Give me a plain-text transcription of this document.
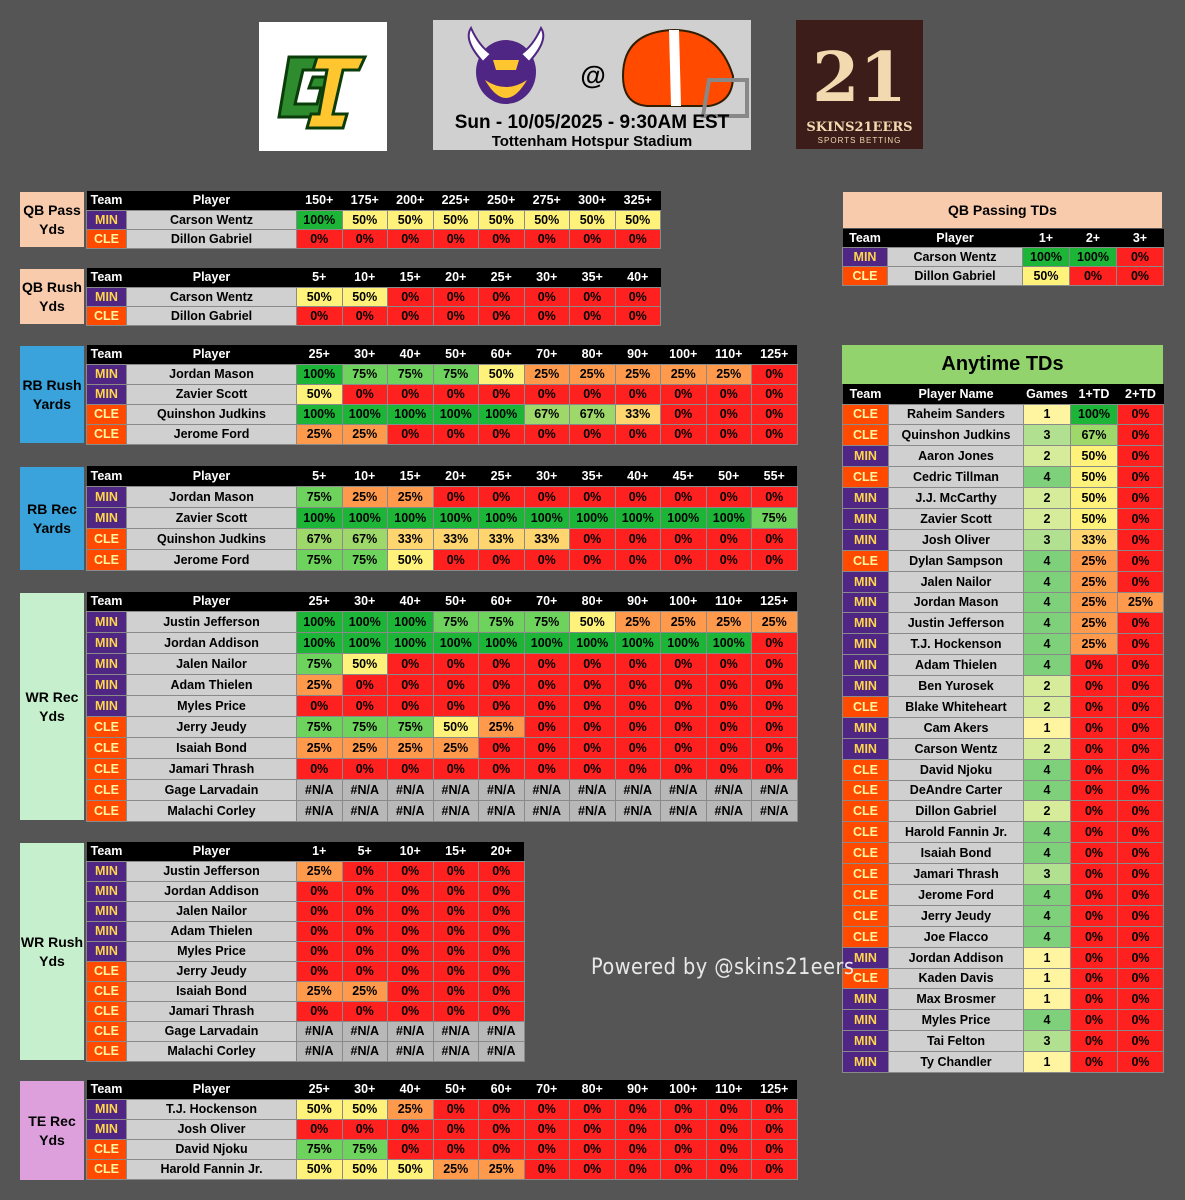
@
Sun - 10/05/2025 - 9:30AM EST
Tottenham Hotspur Stadium
21
SKINS21EERS
SPORTS BETTING
QB Pass
Yds
Team	Player	150+	175+	200+	225+	250+	275+	300+	325+
MIN	Carson Wentz	100%	50%	50%	50%	50%	50%	50%	50%
CLE	Dillon Gabriel	0%	0%	0%	0%	0%	0%	0%	0%
QB Rush
Yds
Team	Player	5+	10+	15+	20+	25+	30+	35+	40+
MIN	Carson Wentz	50%	50%	0%	0%	0%	0%	0%	0%
CLE	Dillon Gabriel	0%	0%	0%	0%	0%	0%	0%	0%
RB Rush
Yards
Team	Player	25+	30+	40+	50+	60+	70+	80+	90+	100+	110+	125+
MIN	Jordan Mason	100%	75%	75%	75%	50%	25%	25%	25%	25%	25%	0%
MIN	Zavier Scott	50%	0%	0%	0%	0%	0%	0%	0%	0%	0%	0%
CLE	Quinshon Judkins	100%	100%	100%	100%	100%	67%	67%	33%	0%	0%	0%
CLE	Jerome Ford	25%	25%	0%	0%	0%	0%	0%	0%	0%	0%	0%
RB Rec
Yards
Team	Player	5+	10+	15+	20+	25+	30+	35+	40+	45+	50+	55+
MIN	Jordan Mason	75%	25%	25%	0%	0%	0%	0%	0%	0%	0%	0%
MIN	Zavier Scott	100%	100%	100%	100%	100%	100%	100%	100%	100%	100%	75%
CLE	Quinshon Judkins	67%	67%	33%	33%	33%	33%	0%	0%	0%	0%	0%
CLE	Jerome Ford	75%	75%	50%	0%	0%	0%	0%	0%	0%	0%	0%
WR Rec
Yds
Team	Player	25+	30+	40+	50+	60+	70+	80+	90+	100+	110+	125+
MIN	Justin Jefferson	100%	100%	100%	75%	75%	75%	50%	25%	25%	25%	25%
MIN	Jordan Addison	100%	100%	100%	100%	100%	100%	100%	100%	100%	100%	0%
MIN	Jalen Nailor	75%	50%	0%	0%	0%	0%	0%	0%	0%	0%	0%
MIN	Adam Thielen	25%	0%	0%	0%	0%	0%	0%	0%	0%	0%	0%
MIN	Myles Price	0%	0%	0%	0%	0%	0%	0%	0%	0%	0%	0%
CLE	Jerry Jeudy	75%	75%	75%	50%	25%	0%	0%	0%	0%	0%	0%
CLE	Isaiah Bond	25%	25%	25%	25%	0%	0%	0%	0%	0%	0%	0%
CLE	Jamari Thrash	0%	0%	0%	0%	0%	0%	0%	0%	0%	0%	0%
CLE	Gage Larvadain	#N/A	#N/A	#N/A	#N/A	#N/A	#N/A	#N/A	#N/A	#N/A	#N/A	#N/A
CLE	Malachi Corley	#N/A	#N/A	#N/A	#N/A	#N/A	#N/A	#N/A	#N/A	#N/A	#N/A	#N/A
WR Rush
Yds
Team	Player	1+	5+	10+	15+	20+
MIN	Justin Jefferson	25%	0%	0%	0%	0%
MIN	Jordan Addison	0%	0%	0%	0%	0%
MIN	Jalen Nailor	0%	0%	0%	0%	0%
MIN	Adam Thielen	0%	0%	0%	0%	0%
MIN	Myles Price	0%	0%	0%	0%	0%
CLE	Jerry Jeudy	0%	0%	0%	0%	0%
CLE	Isaiah Bond	25%	25%	0%	0%	0%
CLE	Jamari Thrash	0%	0%	0%	0%	0%
CLE	Gage Larvadain	#N/A	#N/A	#N/A	#N/A	#N/A
CLE	Malachi Corley	#N/A	#N/A	#N/A	#N/A	#N/A
TE Rec
Yds
Team	Player	25+	30+	40+	50+	60+	70+	80+	90+	100+	110+	125+
MIN	T.J. Hockenson	50%	50%	25%	0%	0%	0%	0%	0%	0%	0%	0%
MIN	Josh Oliver	0%	0%	0%	0%	0%	0%	0%	0%	0%	0%	0%
CLE	David Njoku	75%	75%	0%	0%	0%	0%	0%	0%	0%	0%	0%
CLE	Harold Fannin Jr.	50%	50%	50%	25%	25%	0%	0%	0%	0%	0%	0%
QB Passing TDs
Team	Player	1+	2+	3+
MIN	Carson Wentz	100%	100%	0%
CLE	Dillon Gabriel	50%	0%	0%
Anytime TDs
Team	Player Name	Games	1+TD	2+TD
CLE	Raheim Sanders	1	100%	0%
CLE	Quinshon Judkins	3	67%	0%
MIN	Aaron Jones	2	50%	0%
CLE	Cedric Tillman	4	50%	0%
MIN	J.J. McCarthy	2	50%	0%
MIN	Zavier Scott	2	50%	0%
MIN	Josh Oliver	3	33%	0%
CLE	Dylan Sampson	4	25%	0%
MIN	Jalen Nailor	4	25%	0%
MIN	Jordan Mason	4	25%	25%
MIN	Justin Jefferson	4	25%	0%
MIN	T.J. Hockenson	4	25%	0%
MIN	Adam Thielen	4	0%	0%
MIN	Ben Yurosek	2	0%	0%
CLE	Blake Whiteheart	2	0%	0%
MIN	Cam Akers	1	0%	0%
MIN	Carson Wentz	2	0%	0%
CLE	David Njoku	4	0%	0%
CLE	DeAndre Carter	4	0%	0%
CLE	Dillon Gabriel	2	0%	0%
CLE	Harold Fannin Jr.	4	0%	0%
CLE	Isaiah Bond	4	0%	0%
CLE	Jamari Thrash	3	0%	0%
CLE	Jerome Ford	4	0%	0%
CLE	Jerry Jeudy	4	0%	0%
CLE	Joe Flacco	4	0%	0%
MIN	Jordan Addison	1	0%	0%
CLE	Kaden Davis	1	0%	0%
MIN	Max Brosmer	1	0%	0%
MIN	Myles Price	4	0%	0%
MIN	Tai Felton	3	0%	0%
MIN	Ty Chandler	1	0%	0%
Powered by @skins21eers
